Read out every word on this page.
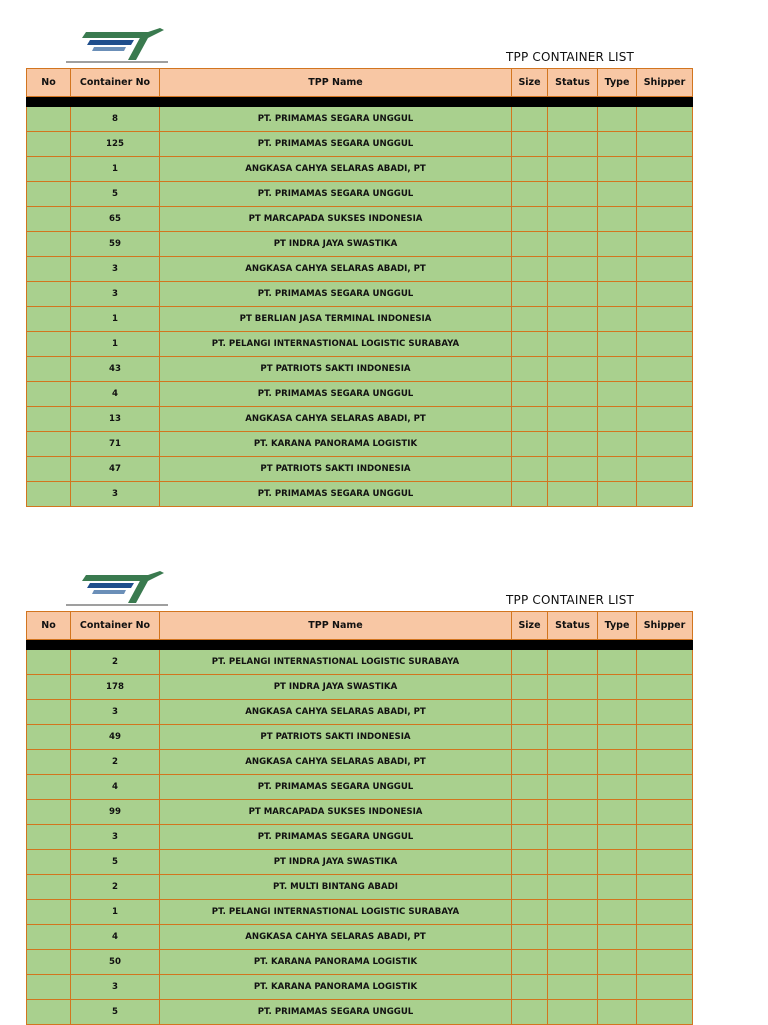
TPP CONTAINER LIST
No	Container No	TPP Name	Size	Status	Type	Shipper

	8	PT. PRIMAMAS SEGARA UNGGUL				
	125	PT. PRIMAMAS SEGARA UNGGUL				
	1	ANGKASA CAHYA SELARAS ABADI, PT				
	5	PT. PRIMAMAS SEGARA UNGGUL				
	65	PT MARCAPADA SUKSES INDONESIA				
	59	PT INDRA JAYA SWASTIKA				
	3	ANGKASA CAHYA SELARAS ABADI, PT				
	3	PT. PRIMAMAS SEGARA UNGGUL				
	1	PT BERLIAN JASA TERMINAL INDONESIA				
	1	PT. PELANGI INTERNASTIONAL LOGISTIC SURABAYA				
	43	PT PATRIOTS SAKTI INDONESIA				
	4	PT. PRIMAMAS SEGARA UNGGUL				
	13	ANGKASA CAHYA SELARAS ABADI, PT				
	71	PT. KARANA PANORAMA LOGISTIK				
	47	PT PATRIOTS SAKTI INDONESIA				
	3	PT. PRIMAMAS SEGARA UNGGUL				
TPP CONTAINER LIST
No	Container No	TPP Name	Size	Status	Type	Shipper

	2	PT. PELANGI INTERNASTIONAL LOGISTIC SURABAYA				
	178	PT INDRA JAYA SWASTIKA				
	3	ANGKASA CAHYA SELARAS ABADI, PT				
	49	PT PATRIOTS SAKTI INDONESIA				
	2	ANGKASA CAHYA SELARAS ABADI, PT				
	4	PT. PRIMAMAS SEGARA UNGGUL				
	99	PT MARCAPADA SUKSES INDONESIA				
	3	PT. PRIMAMAS SEGARA UNGGUL				
	5	PT INDRA JAYA SWASTIKA				
	2	PT. MULTI BINTANG ABADI				
	1	PT. PELANGI INTERNASTIONAL LOGISTIC SURABAYA				
	4	ANGKASA CAHYA SELARAS ABADI, PT				
	50	PT. KARANA PANORAMA LOGISTIK				
	3	PT. KARANA PANORAMA LOGISTIK				
	5	PT. PRIMAMAS SEGARA UNGGUL				
